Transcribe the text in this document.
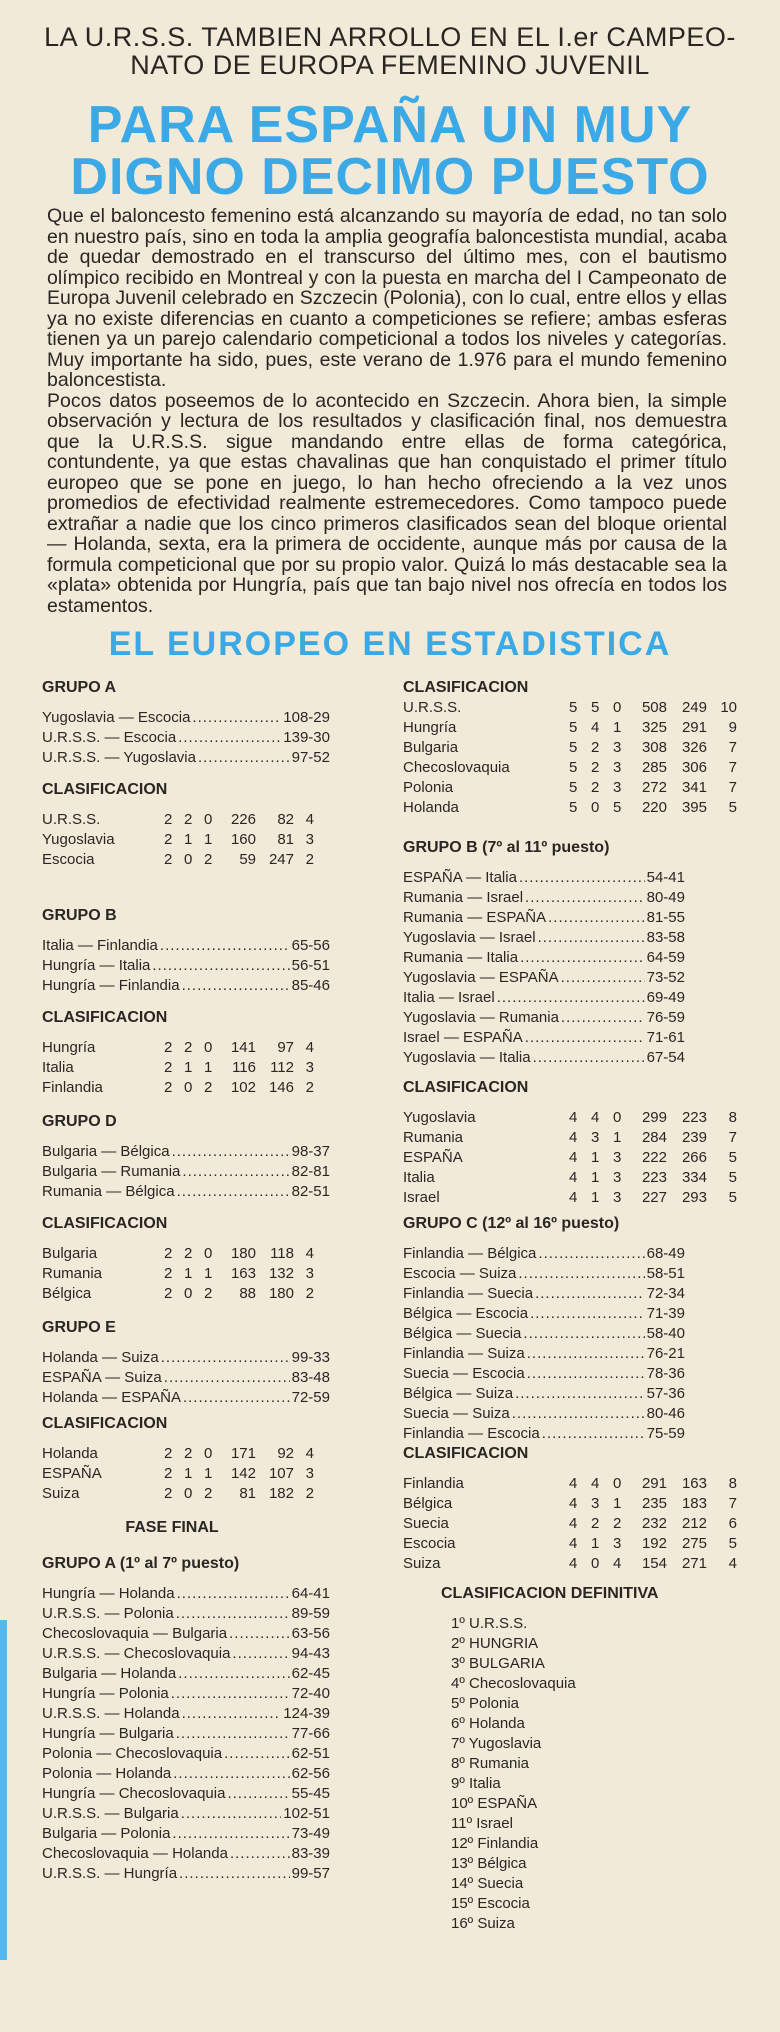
LA U.R.S.S. TAMBIEN ARROLLO EN EL I.er CAMPEO-
NATO DE EUROPA FEMENINO JUVENIL
PARA ESPAÑA UN MUY
DIGNO DECIMO PUESTO

Que el baloncesto femenino está alcanzando su mayoría de edad, no tan solo en nuestro país, sino en toda la amplia geografía baloncestista mundial, acaba de quedar demostrado en el transcurso del último mes, con el bautismo olímpico recibido en Montreal y con la puesta en marcha del I Campeonato de Europa Juvenil celebrado en Szczecin (Polonia), con lo cual, entre ellos y ellas ya no existe diferencias en cuanto a competiciones se refiere; ambas esferas tienen ya un parejo calendario competicional a todos los niveles y categorías. Muy importante ha sido, pues, este verano de 1.976 para el mundo femenino baloncestista.

Pocos datos poseemos de lo acontecido en Szczecin. Ahora bien, la simple observación y lectura de los resultados y clasificación final, nos demuestra que la U.R.S.S. sigue mandando entre ellas de forma categórica, contundente, ya que estas chavalinas que han conquistado el primer título europeo que se pone en juego, lo han hecho ofreciendo a la vez unos promedios de efectividad realmente estremecedores. Como tampoco puede extrañar a nadie que los cinco primeros clasificados sean del bloque oriental — Holanda, sexta, era la primera de occidente, aunque más por causa de la formula competicional que por su propio valor. Quizá lo más destacable sea la «plata» obtenida por Hungría, país que tan bajo nivel nos ofrecía en todos los estamentos.

EL EUROPEO EN ESTADISTICA
GRUPO A
Yugoslavia — Escocia .....	108-29
U.R.S.S. — Escocia .....	139-30
U.R.S.S. — Yugoslavia .....	97-52
CLASIFICACION
U.R.S.S.	2 2 0	226	82 4
Yugoslavia	2 1 1	160	81 3
Escocia	2 0 2	59 247 2
GRUPO B
Italia — Finlandia .....	65-56
Hungría — Italia .....	56-51
Hungría — Finlandia .....	85-46
CLASIFICACION
Hungría	2 2 0	141	97 4
Italia	2 1 1	116 112 3
Finlandia	2 0 2	102 146 2
GRUPO D
Bulgaria — Bélgica .....	98-37
Bulgaria — Rumania .....	82-81
Rumania — Bélgica .....	82-51
CLASIFICACION
Bulgaria	2 2 0	180 118 4
Rumania	2 1 1	163 132 3
Bélgica	2 0 2	88 180 2
GRUPO E
Holanda — Suiza .....	99-33
ESPAÑA — Suiza .....	83-48
Holanda — ESPAÑA .....	72-59
CLASIFICACION
Holanda	2 2 0	171	92 4
ESPAÑA	2 1 1	142 107 3
Suiza	2 0 2	81 182 2
FASE FINAL
GRUPO A (1º al 7º puesto)
Hungría — Holanda .....	64-41
U.R.S.S. — Polonia .....	89-59
Checoslovaquia — Bulgaria .....	63-56
U.R.S.S. — Checoslovaquia .....	94-43
Bulgaria — Holanda .....	62-45
Hungría — Polonia .....	72-40
U.R.S.S. — Holanda .....	124-39
Hungría — Bulgaria .....	77-66
Polonia — Checoslovaquia .....	62-51
Polonia — Holanda .....	62-56
Hungría — Checoslovaquia .....	55-45
U.R.S.S. — Bulgaria .....	102-51
Bulgaria — Polonia .....	73-49
Checoslovaquia — Holanda .....	83-39
U.R.S.S. — Hungría .....	99-57
CLASIFICACION
U.R.S.S.	5 5 0	508 249 10
Hungría	5 4 1	325 291	9
Bulgaria	5 2 3	308 326	7
Checoslovaquia	5 2 3	285 306	7
Polonia	5 2 3	272 341	7
Holanda	5 0 5	220 395	5
GRUPO B (7º al 11º puesto)
ESPAÑA — Italia .....	54-41
Rumania — Israel .....	80-49
Rumania — ESPAÑA .....	81-55
Yugoslavia — Israel .....	83-58
Rumania — Italia .....	64-59
Yugoslavia — ESPAÑA .....	73-52
Italia — Israel .....	69-49
Yugoslavia — Rumania .....	76-59
Israel — ESPAÑA .....	71-61
Yugoslavia — Italia .....	67-54
CLASIFICACION
Yugoslavia	4 4 0	299 223	8
Rumania	4 3 1	284 239	7
ESPAÑA	4 1 3	222 266	5
Italia	4 1 3	223 334	5
Israel	4 1 3	227 293	5
GRUPO C (12º al 16º puesto)
Finlandia — Bélgica .....	68-49
Escocia — Suiza .....	58-51
Finlandia — Suecia .....	72-34
Bélgica — Escocia .....	71-39
Bélgica — Suecia .....	58-40
Finlandia — Suiza .....	76-21
Suecia — Escocia .....	78-36
Bélgica — Suiza .....	57-36
Suecia — Suiza .....	80-46
Finlandia — Escocia .....	75-59
CLASIFICACION
Finlandia	4 4 0	291 163	8
Bélgica	4 3 1	235 183	7
Suecia	4 2 2	232 212	6
Escocia	4 1 3	192 275	5
Suiza	4 0 4	154 271	4
CLASIFICACION DEFINITIVA
1º U.R.S.S.
2º HUNGRIA
3º BULGARIA
4º Checoslovaquia
5º Polonia
6º Holanda
7º Yugoslavia
8º Rumania
9º Italia
10º ESPAÑA
11º Israel
12º Finlandia
13º Bélgica
14º Suecia
15º Escocia
16º Suiza
